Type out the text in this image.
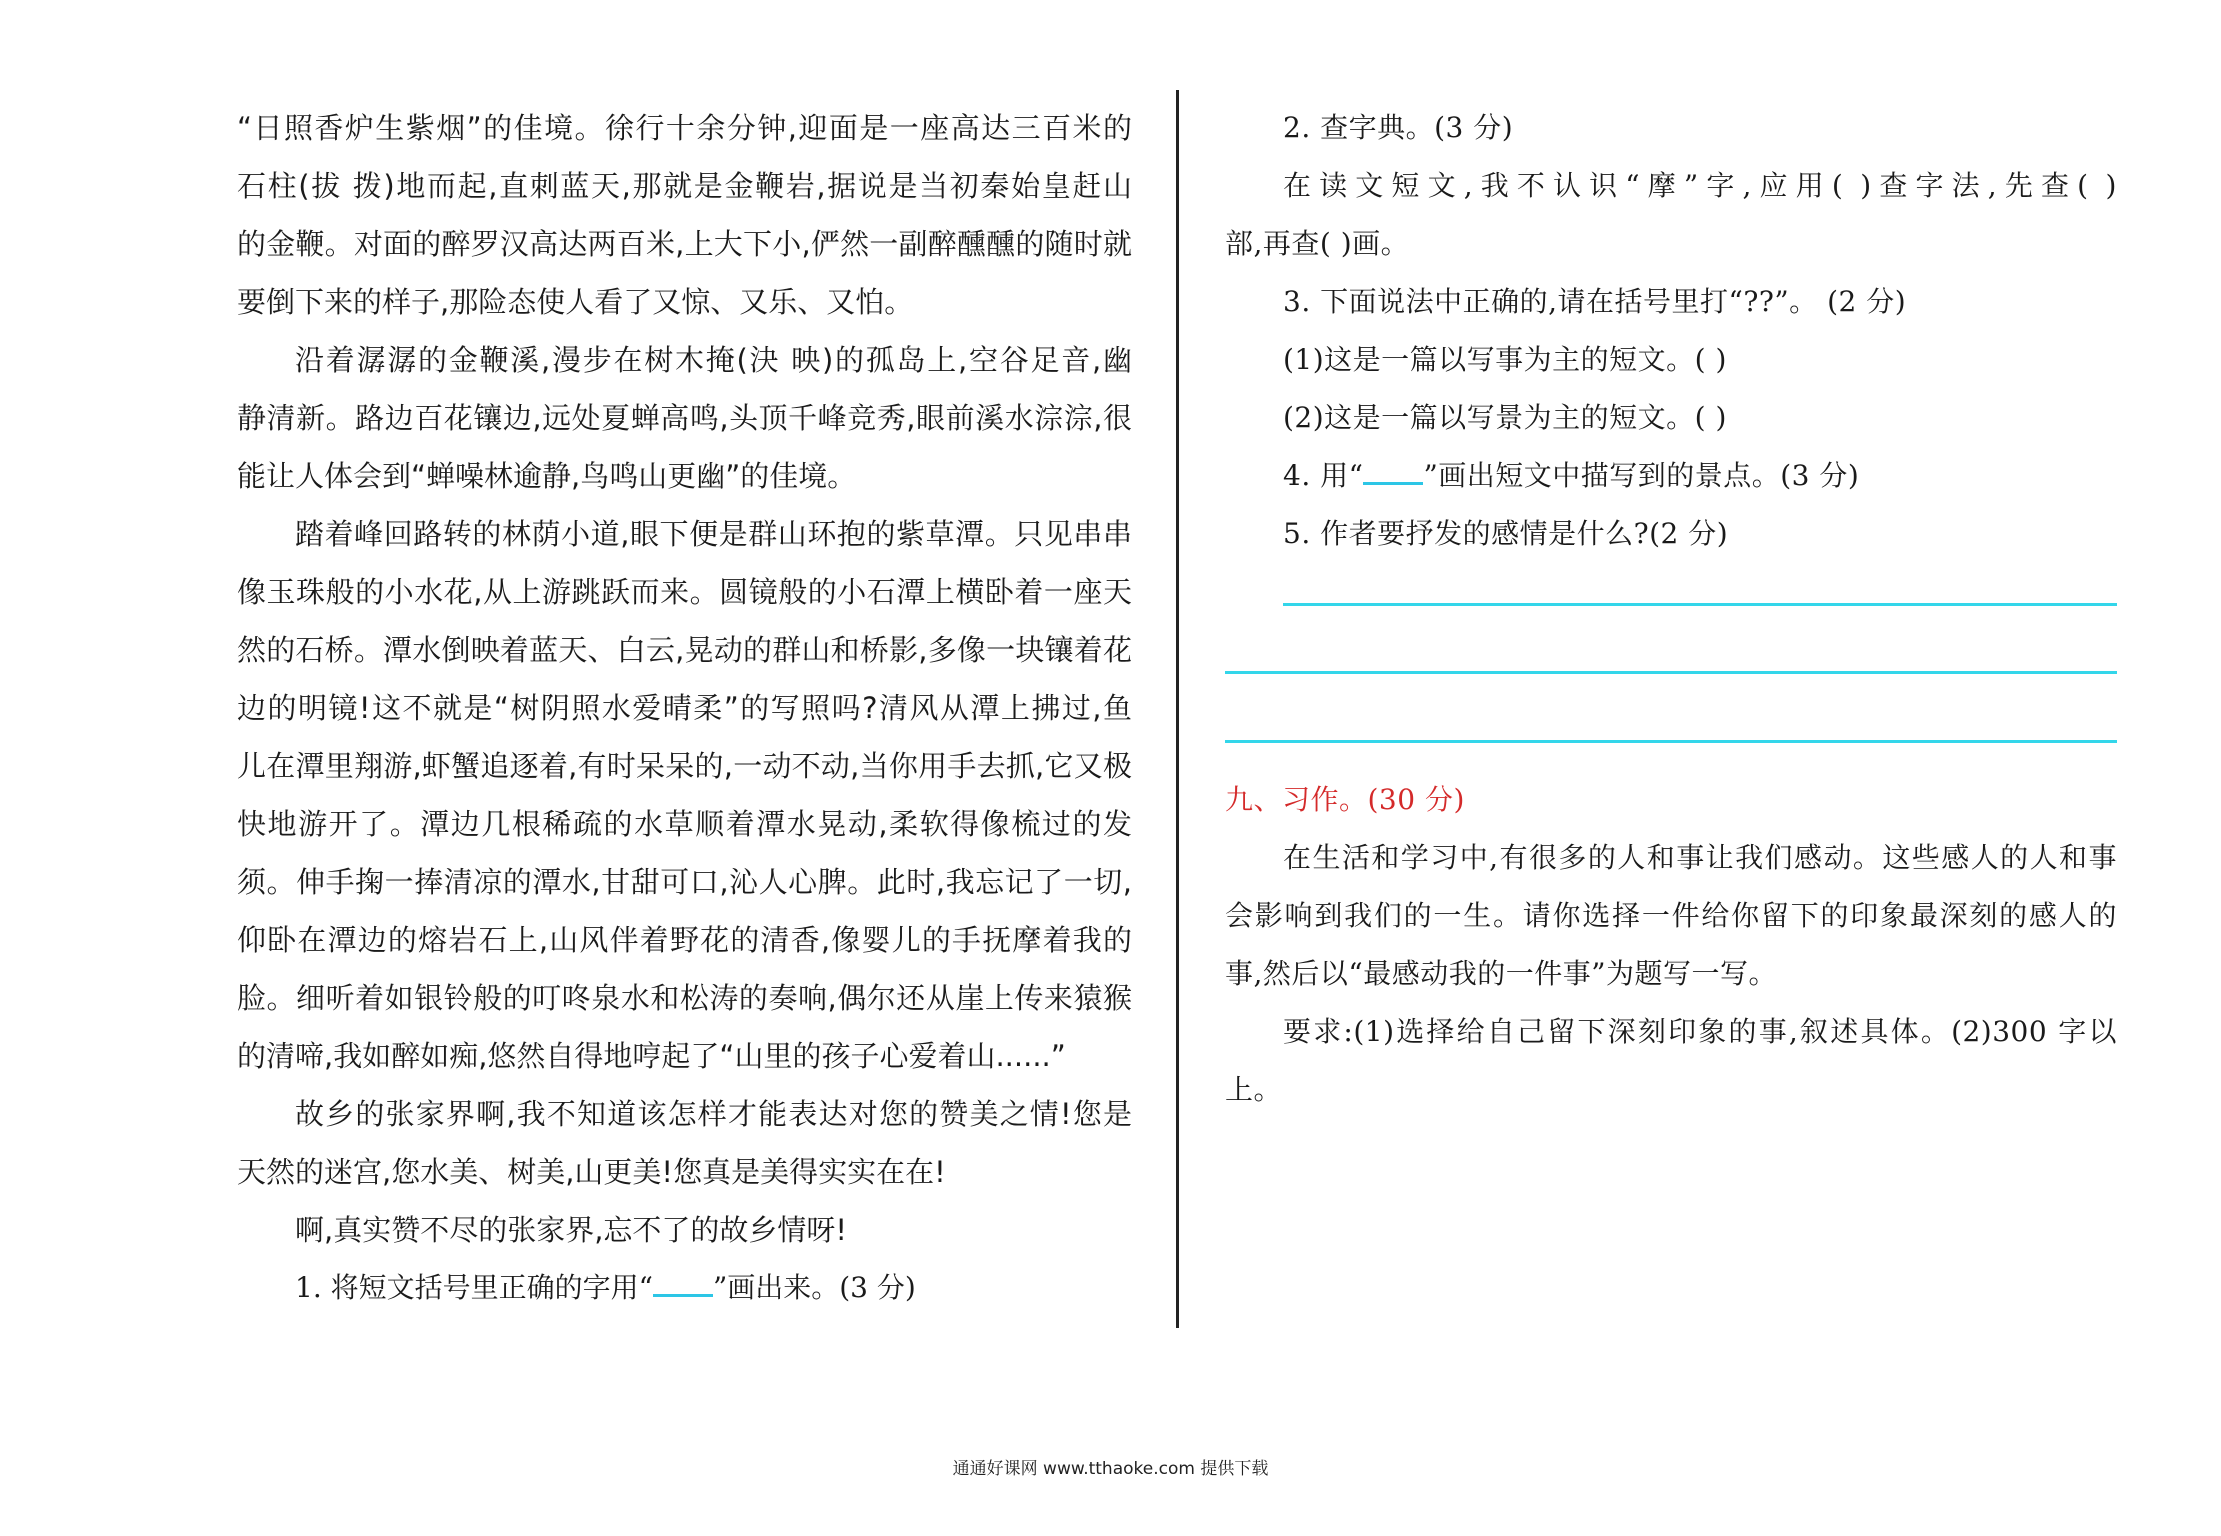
“日照香炉生紫烟”的佳境。徐行十余分钟,迎面是一座高达三百米的
石柱(拔 拨)地而起,直刺蓝天,那就是金鞭岩,据说是当初秦始皇赶山
的金鞭。对面的醉罗汉高达两百米,上大下小,俨然一副醉醺醺的随时就
要倒下来的样子,那险态使人看了又惊、又乐、又怕。
沿着潺潺的金鞭溪,漫步在树木掩(決 映)的孤岛上,空谷足音,幽
静清新。路边百花镶边,远处夏蝉高鸣,头顶千峰竞秀,眼前溪水淙淙,很
能让人体会到“蝉噪林逾静,鸟鸣山更幽”的佳境。
踏着峰回路转的林荫小道,眼下便是群山环抱的紫草潭。只见串串
像玉珠般的小水花,从上游跳跃而来。圆镜般的小石潭上横卧着一座天
然的石桥。潭水倒映着蓝天、白云,晃动的群山和桥影,多像一块镶着花
边的明镜!这不就是“树阴照水爱晴柔”的写照吗?清风从潭上拂过,鱼
儿在潭里翔游,虾蟹追逐着,有时呆呆的,一动不动,当你用手去抓,它又极
快地游开了。潭边几根稀疏的水草顺着潭水晃动,柔软得像梳过的发
须。伸手掬一捧清凉的潭水,甘甜可口,沁人心脾。此时,我忘记了一切,
仰卧在潭边的熔岩石上,山风伴着野花的清香,像婴儿的手抚摩着我的
脸。细听着如银铃般的叮咚泉水和松涛的奏响,偶尔还从崖上传来猿猴
的清啼,我如醉如痴,悠然自得地哼起了“山里的孩子心爱着山......”
故乡的张家界啊,我不知道该怎样才能表达对您的赞美之情!您是
天然的迷宫,您水美、树美,山更美!您真是美得实实在在!
啊,真实赞不尽的张家界,忘不了的故乡情呀!
1. 将短文括号里正确的字用“ ”画出来。(3 分)
2. 查字典。(3 分)
在读文短文,我不认识“摩”字,应用( )查字法,先查( )
部,再查( )画。
3. 下面说法中正确的,请在括号里打“??”。 (2 分)
(1)这是一篇以写事为主的短文。( )
(2)这是一篇以写景为主的短文。( )
4. 用“ ”画出短文中描写到的景点。(3 分)
5. 作者要抒发的感情是什么?(2 分)
九、习作。(30 分)
在生活和学习中,有很多的人和事让我们感动。这些感人的人和事
会影响到我们的一生。请你选择一件给你留下的印象最深刻的感人的
事,然后以“最感动我的一件事”为题写一写。
要求:(1)选择给自己留下深刻印象的事,叙述具体。(2)300 字以
上。
通通好课网 www.tthaoke.com 提供下载
